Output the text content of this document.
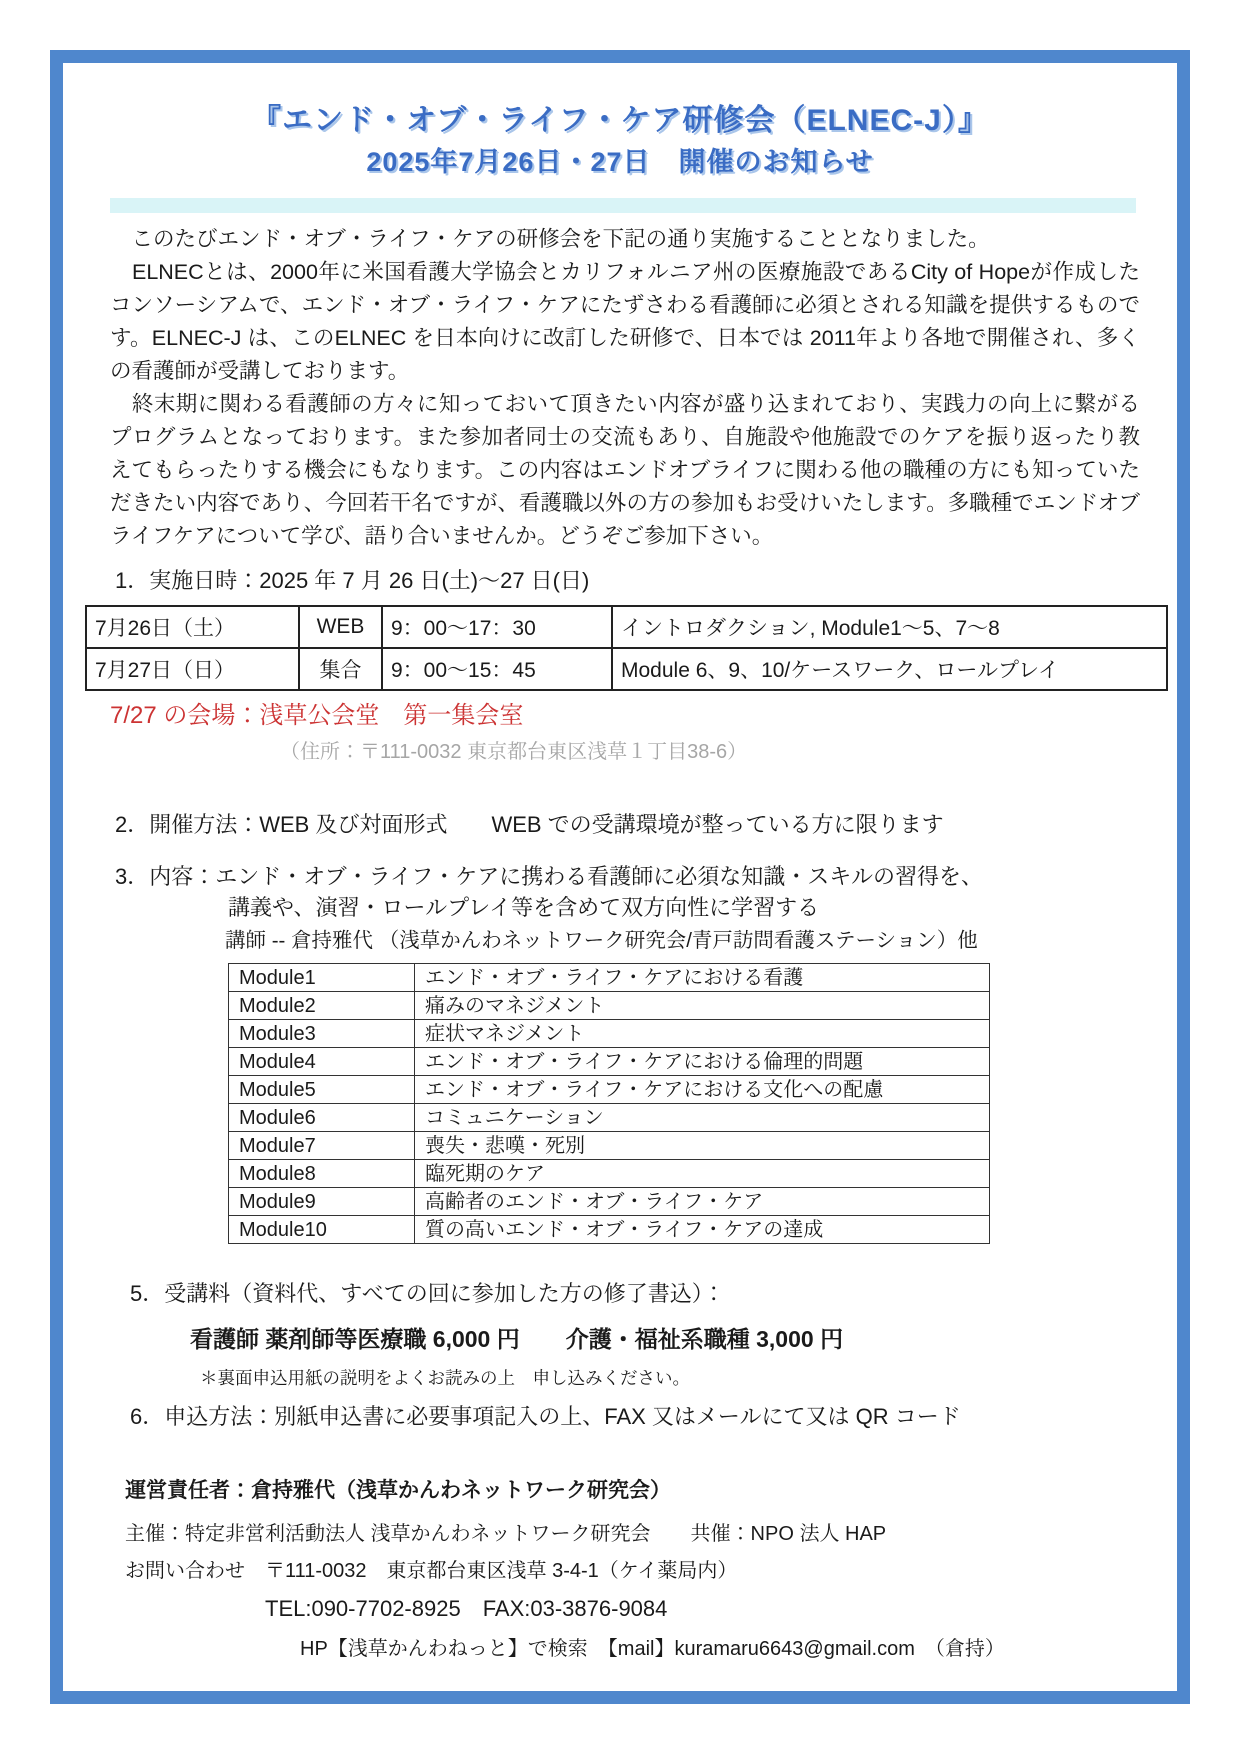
『エンド・オブ・ライフ・ケア研修会（ELNEC-J）』
2025年7月26日・27日　開催のお知らせ

　このたびエンド・オブ・ライフ・ケアの研修会を下記の通り実施することとなりました。

　ELNECとは、2000年に米国看護大学協会とカリフォルニア州の医療施設であるCity of Hopeが作成したコンソーシアムで、エンド・オブ・ライフ・ケアにたずさわる看護師に必須とされる知識を提供するものです。ELNEC-J は、このELNEC を日本向けに改訂した研修で、日本では 2011年より各地で開催され、多くの看護師が受講しております。

　終末期に関わる看護師の方々に知っておいて頂きたい内容が盛り込まれており、実践力の向上に繋がるプログラムとなっております。また参加者同士の交流もあり、自施設や他施設でのケアを振り返ったり教えてもらったりする機会にもなります。この内容はエンドオブライフに関わる他の職種の方にも知っていただきたい内容であり、今回若干名ですが、看護職以外の方の参加もお受けいたします。多職種でエンドオブライフケアについて学び、語り合いませんか。どうぞご参加下さい。

1．実施日時：2025 年 7 月 26 日(土)～27 日(日)
7月26日（土）	WEB	9：00～17：30	イントロダクション, Module1～5、7～8
7月27日（日）	集合	9：00～15：45	Module 6、9、10/ケースワーク、ロールプレイ
7/27 の会場：浅草公会堂　第一集会室
（住所：〒111-0032 東京都台東区浅草１丁目38-6）
2．開催方法：WEB 及び対面形式　　WEB での受講環境が整っている方に限ります
3．内容：エンド・オブ・ライフ・ケアに携わる看護師に必須な知識・スキルの習得を、
講義や、演習・ロールプレイ等を含めて双方向性に学習する
講師 -- 倉持雅代 （浅草かんわネットワーク研究会/青戸訪問看護ステーション）他
Module1	エンド・オブ・ライフ・ケアにおける看護
Module2	痛みのマネジメント
Module3	症状マネジメント
Module4	エンド・オブ・ライフ・ケアにおける倫理的問題
Module5	エンド・オブ・ライフ・ケアにおける文化への配慮
Module6	コミュニケーション
Module7	喪失・悲嘆・死別
Module8	臨死期のケア
Module9	高齢者のエンド・オブ・ライフ・ケア
Module10	質の高いエンド・オブ・ライフ・ケアの達成
5．受講料（資料代、すべての回に参加した方の修了書込）：
看護師 薬剤師等医療職 6,000 円　　介護・福祉系職種 3,000 円
＊裏面申込用紙の説明をよくお読みの上　申し込みください。
6．申込方法：別紙申込書に必要事項記入の上、FAX 又はメールにて又は QR コード
運営責任者：倉持雅代（浅草かんわネットワーク研究会）
主催：特定非営利活動法人 浅草かんわネットワーク研究会　　共催：NPO 法人 HAP
お問い合わせ　〒111-0032　東京都台東区浅草 3-4-1（ケイ薬局内）
TEL:090-7702-8925　FAX:03-3876-9084
HP【浅草かんわねっと】で検索　【mail】kuramaru6643@gmail.com　（倉持）
